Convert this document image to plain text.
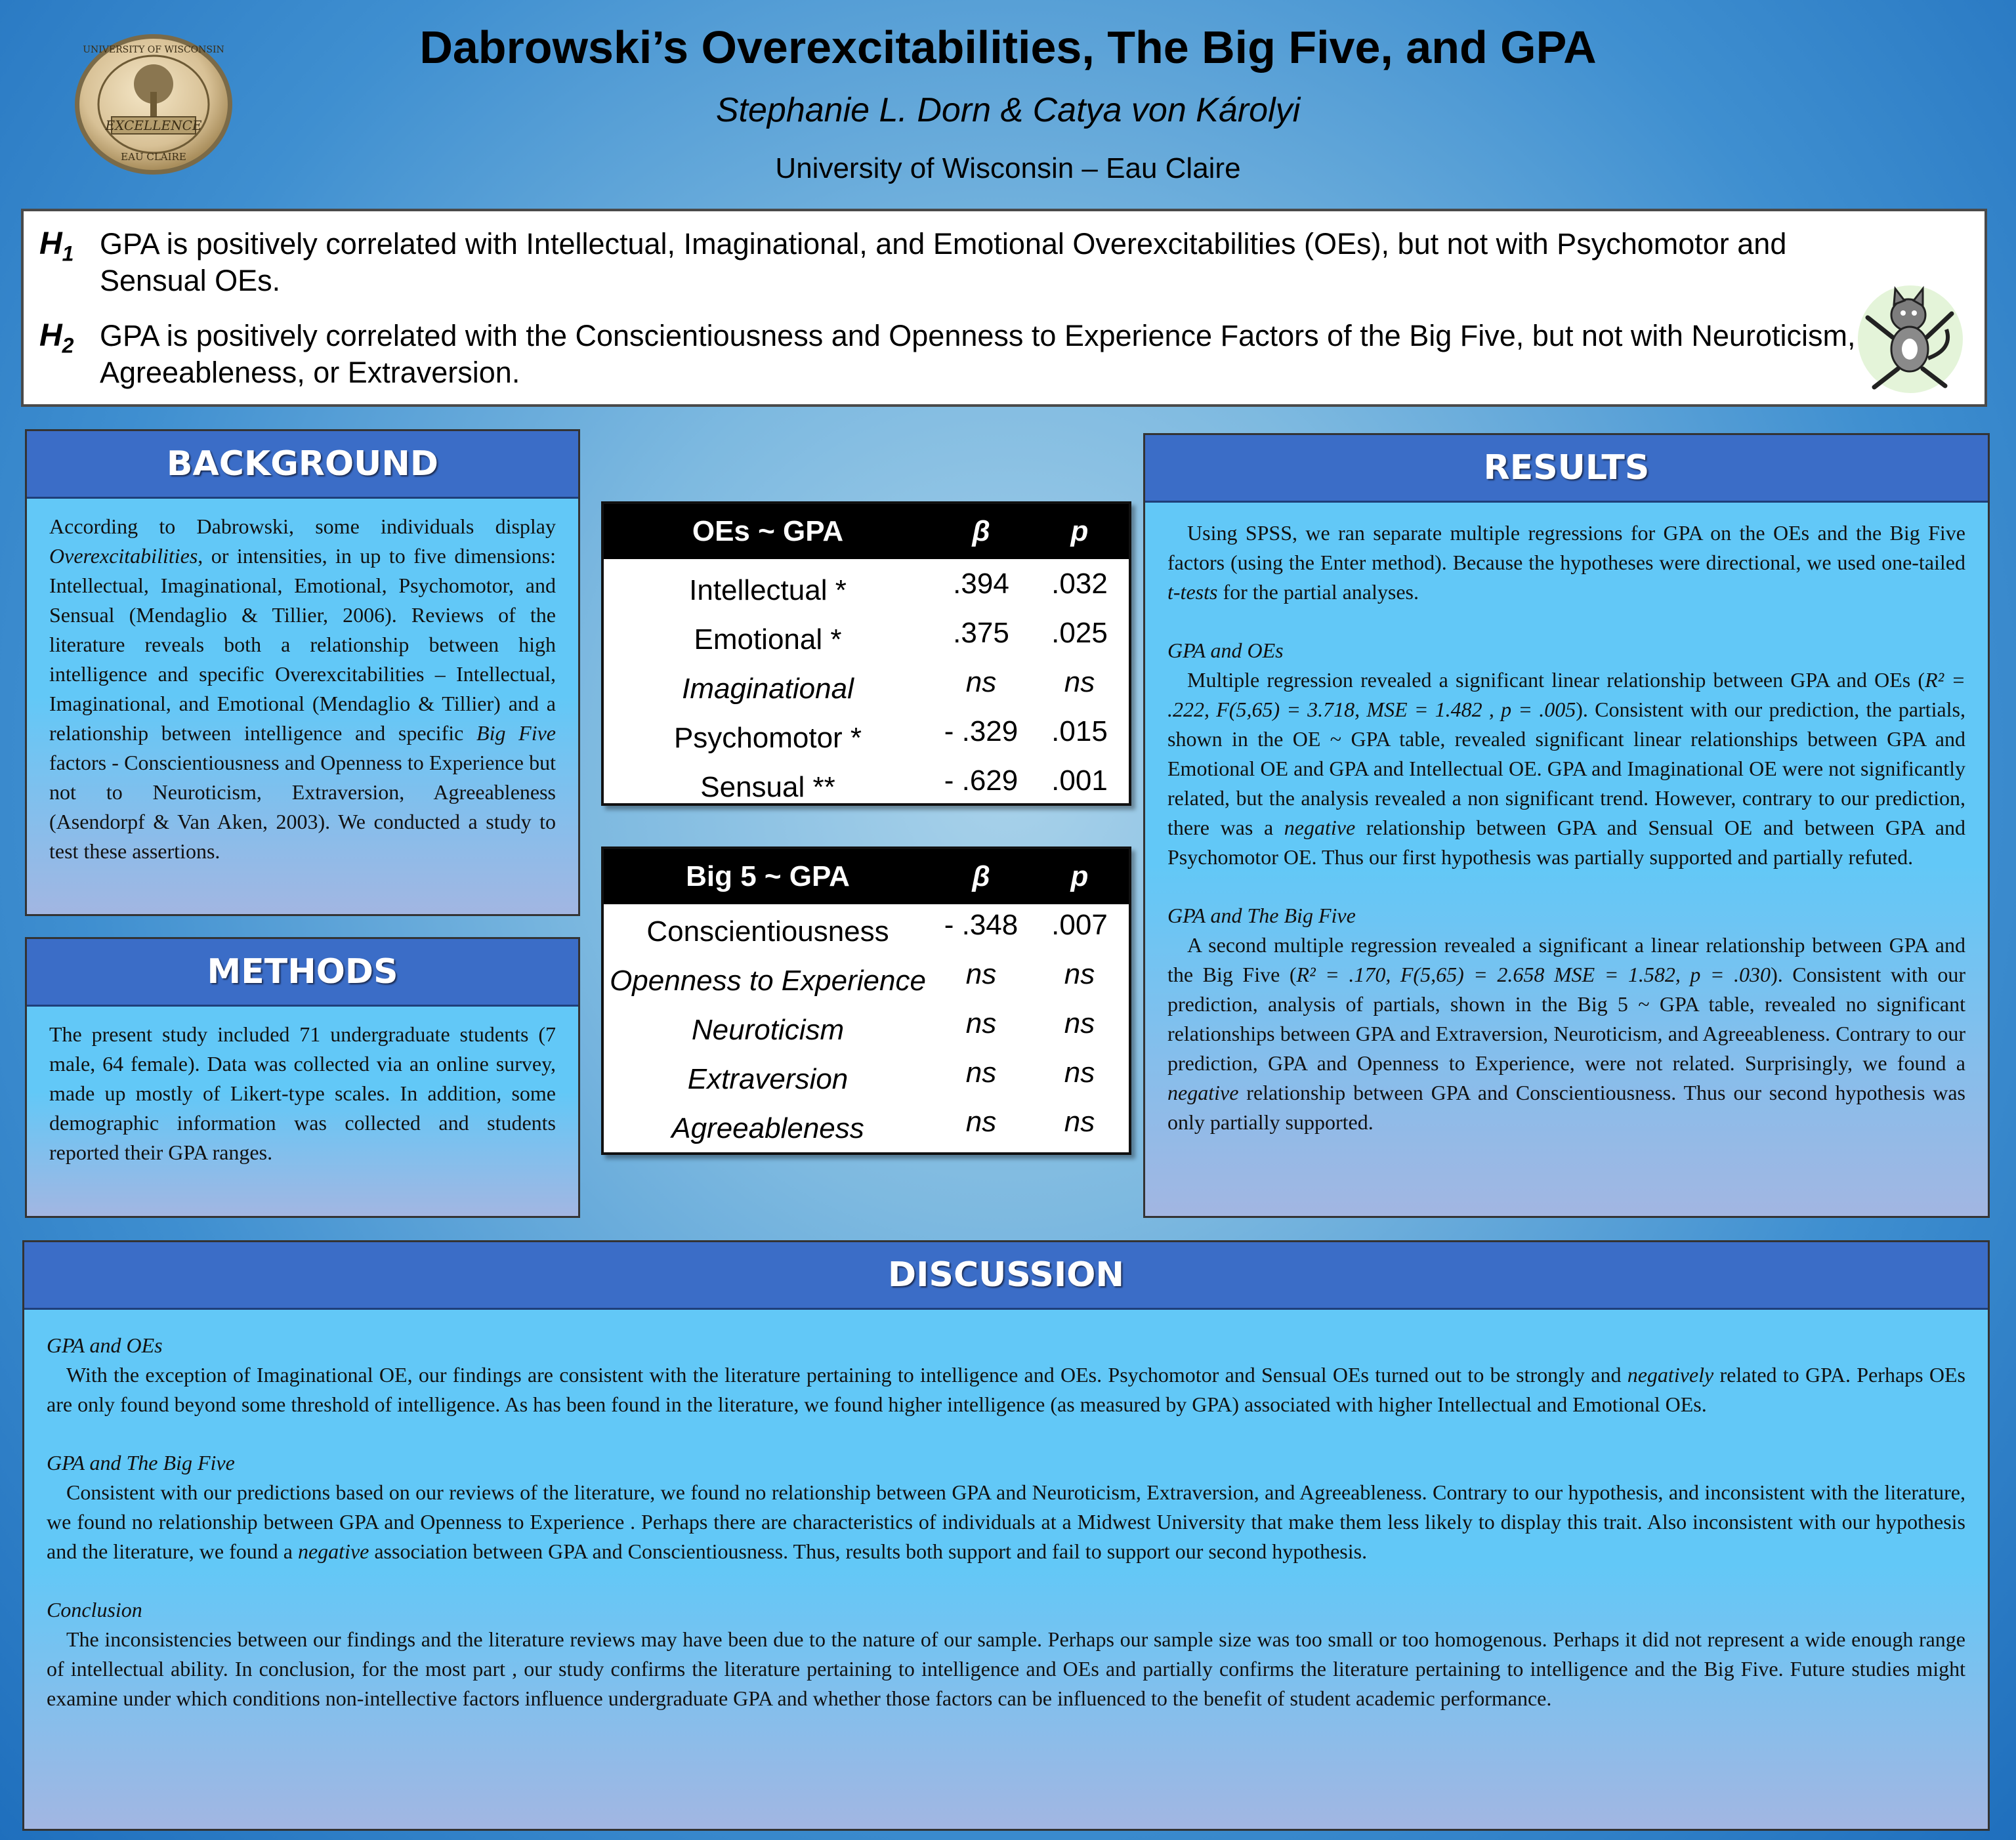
EXCELLENCE
UNIVERSITY OF WISCONSIN
EAU CLAIRE
Dabrowski’s Overexcitabilities, The Big Five, and GPA
Stephanie L. Dorn & Catya von Károlyi
University of Wisconsin – Eau Claire
$H_1$ GPA is positively correlated with Intellectual, Imaginational, and Emotional Overexcitabilities (OEs), but not with Psychomotor and Sensual OEs.
$H_2$ GPA is positively correlated with the Conscientiousness and Openness to Experience Factors of the Big Five, but not with Neuroticism, Agreeableness, or Extraversion.
BACKGROUND

According to Dabrowski, some individuals display Overexcitabilities, or intensities, in up to five dimensions: Intellectual, Imaginational, Emotional, Psychomotor, and Sensual (Mendaglio & Tillier, 2006). Reviews of the literature reveals both a relationship between high intelligence and specific Overexcitabilities – Intellectual, Imaginational, and Emotional (Mendaglio & Tillier) and a relationship between intelligence and specific Big Five factors - Conscientiousness and Openness to Experience but not to Neuroticism, Extraversion, Agreeableness (Asendorpf & Van Aken, 2003). We conducted a study to test these assertions.

METHODS

The present study included 71 undergraduate students (7 male, 64 female). Data was collected via an online survey, made up mostly of Likert-type scales. In addition, some demographic information was collected and students reported their GPA ranges.

OEs ~ GPA	β	p
Intellectual *	.394	.032
Emotional *	.375	.025
Imaginational	ns	ns
Psychomotor *	- .329	.015
Sensual **	- .629	.001
Big 5 ~ GPA	β	p
Conscientiousness	- .348	.007
Openness to Experience	ns	ns
Neuroticism	ns	ns
Extraversion	ns	ns
Agreeableness	ns	ns
RESULTS

Using SPSS, we ran separate multiple regressions for GPA on the OEs and the Big Five factors (using the Enter method). Because the hypotheses were directional, we used one-tailed t-tests for the partial analyses.

GPA and OEs

Multiple regression revealed a significant linear relationship between GPA and OEs (R² = .222, F(5,65) = 3.718, MSE = 1.482 , p = .005). Consistent with our prediction, the partials, shown in the OE ~ GPA table, revealed significant linear relationships between GPA and Emotional OE and GPA and Intellectual OE. GPA and Imaginational OE were not significantly related, but the analysis revealed a non significant trend. However, contrary to our prediction, there was a negative relationship between GPA and Sensual OE and between GPA and Psychomotor OE. Thus our first hypothesis was partially supported and partially refuted.

GPA and The Big Five

A second multiple regression revealed a significant a linear relationship between GPA and the Big Five (R² = .170, F(5,65) = 2.658 MSE = 1.582, p = .030). Consistent with our prediction, analysis of partials, shown in the Big 5 ~ GPA table, revealed no significant relationships between GPA and Extraversion, Neuroticism, and Agreeableness. Contrary to our prediction, GPA and Openness to Experience, were not related. Surprisingly, we found a negative relationship between GPA and Conscientiousness. Thus our second hypothesis was only partially supported.

DISCUSSION

GPA and OEs

With the exception of Imaginational OE, our findings are consistent with the literature pertaining to intelligence and OEs. Psychomotor and Sensual OEs turned out to be strongly and negatively related to GPA. Perhaps OEs are only found beyond some threshold of intelligence. As has been found in the literature, we found higher intelligence (as measured by GPA) associated with higher Intellectual and Emotional OEs.

GPA and The Big Five

Consistent with our predictions based on our reviews of the literature, we found no relationship between GPA and Neuroticism, Extraversion, and Agreeableness. Contrary to our hypothesis, and inconsistent with the literature, we found no relationship between GPA and Openness to Experience . Perhaps there are characteristics of individuals at a Midwest University that make them less likely to display this trait. Also inconsistent with our hypothesis and the literature, we found a negative association between GPA and Conscientiousness. Thus, results both support and fail to support our second hypothesis.

Conclusion

The inconsistencies between our findings and the literature reviews may have been due to the nature of our sample. Perhaps our sample size was too small or too homogenous. Perhaps it did not represent a wide enough range of intellectual ability. In conclusion, for the most part , our study confirms the literature pertaining to intelligence and OEs and partially confirms the literature pertaining to intelligence and the Big Five. Future studies might examine under which conditions non-intellective factors influence undergraduate GPA and whether those factors can be influenced to the benefit of student academic performance.
